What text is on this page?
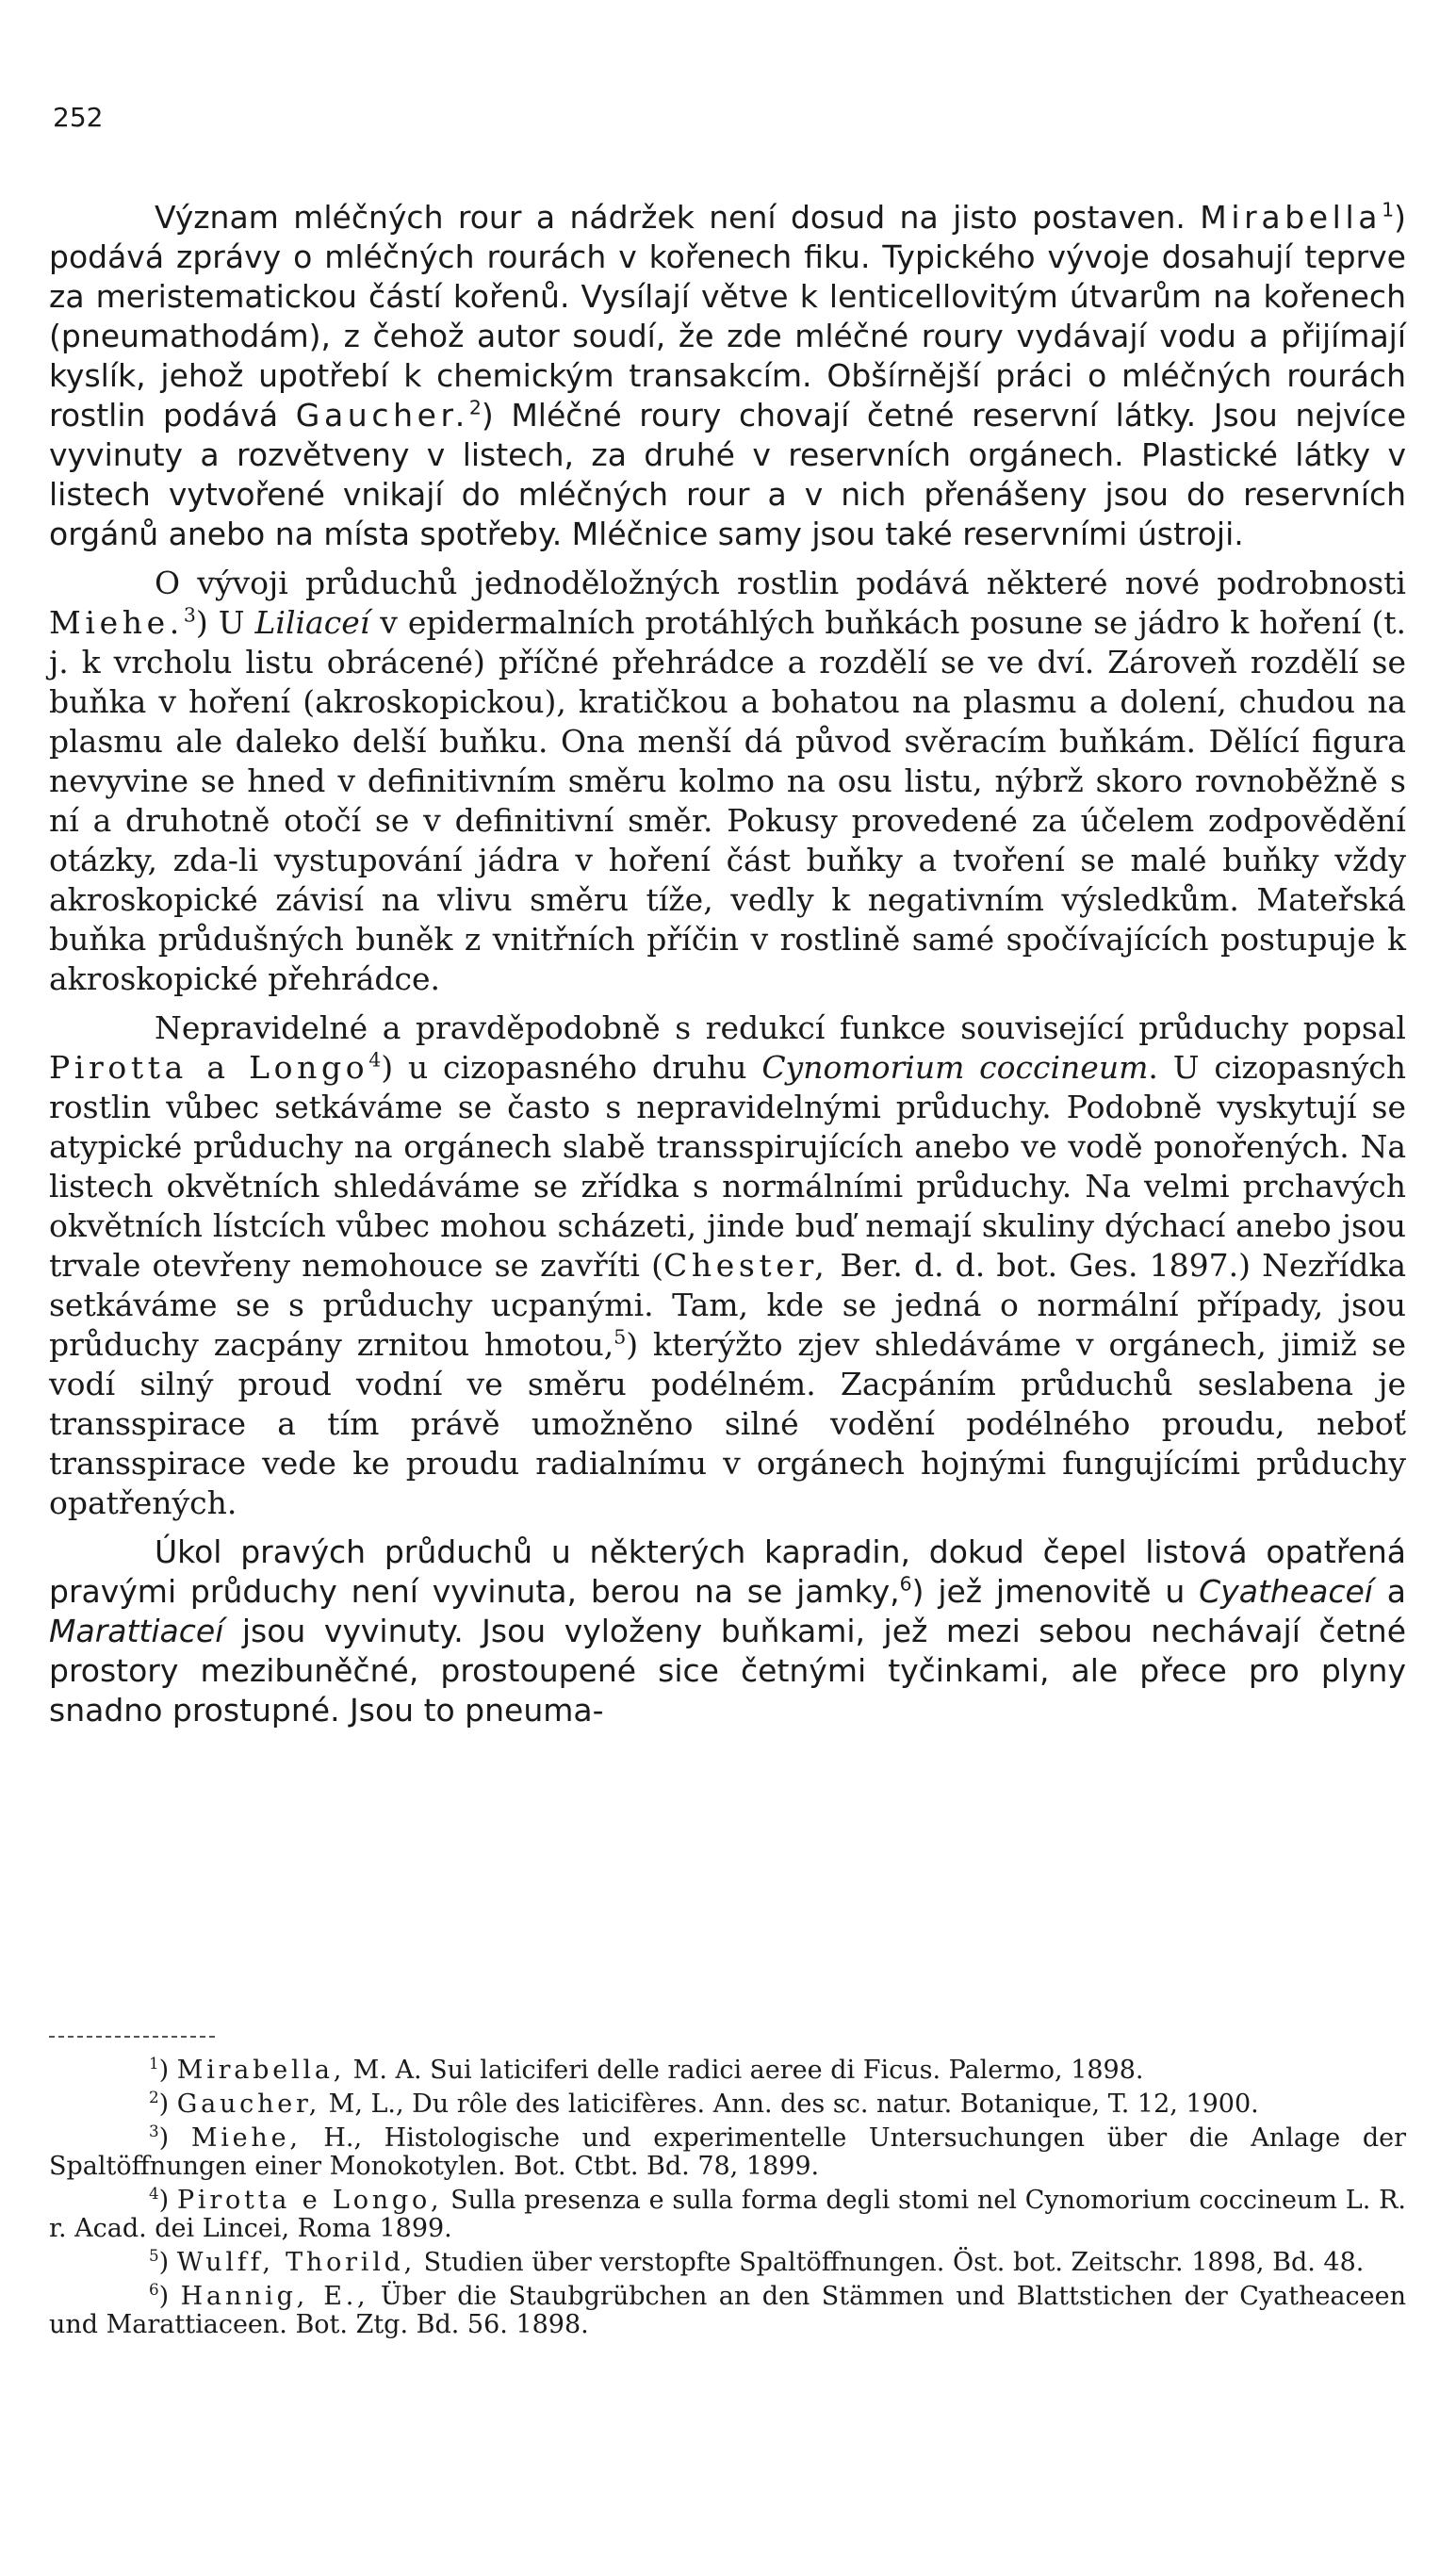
252

Význam mléčných rour a nádržek není dosud na jisto postaven. Mirabella$^1$) podává zprávy o mléčných rourách v kořenech fiku. Typického vývoje dosahují teprve za meristematickou částí kořenů. Vysílají větve k lenticellovitým útvarům na kořenech (pneumathodám), z čehož autor soudí, že zde mléčné roury vydávají vodu a přijímají kyslík, jehož upotřebí k chemickým transakcím. Obšírnější práci o mléčných rourách rostlin podává Gaucher.$^2$) Mléčné roury chovají četné reservní látky. Jsou nejvíce vyvinuty a rozvětveny v listech, za druhé v reservních orgánech. Plastické látky v listech vytvořené vnikají do mléčných rour a v nich přenášeny jsou do reservních orgánů anebo na místa spotřeby. Mléčnice samy jsou také reservními ústroji.

O vývoji průduchů jednoděložných rostlin podává některé nové podrobnosti Miehe.$^3$) U Liliaceí v epidermalních protáhlých buňkách posune se jádro k hoření (t. j. k vrcholu listu obrácené) příčné přehrádce a rozdělí se ve dví. Zároveň rozdělí se buňka v hoření (akroskopickou), kratičkou a bohatou na plasmu a dolení, chudou na plasmu ale daleko delší buňku. Ona menší dá původ svěracím buňkám. Dělící figura nevyvine se hned v definitivním směru kolmo na osu listu, nýbrž skoro rovnoběžně s ní a druhotně otočí se v definitivní směr. Pokusy provedené za účelem zodpovědění otázky, zda-li vystupování jádra v hoření část buňky a tvoření se malé buňky vždy akroskopické závisí na vlivu směru tíže, vedly k negativním výsledkům. Mateřská buňka průdušných buněk z vnitřních příčin v rostlině samé spočívajících postupuje k akroskopické přehrádce.

Nepravidelné a pravděpodobně s redukcí funkce související průduchy popsal Pirotta a Longo$^4$) u cizopasného druhu Cynomorium coccineum. U cizopasných rostlin vůbec setkáváme se často s nepravidelnými průduchy. Podobně vyskytují se atypické průduchy na orgánech slabě transspirujících anebo ve vodě ponořených. Na listech okvětních shledáváme se zřídka s normálními průduchy. Na velmi prchavých okvětních lístcích vůbec mohou scházeti, jinde buď nemají skuliny dýchací anebo jsou trvale otevřeny nemohouce se zavříti (Chester, Ber. d. d. bot. Ges. 1897.) Nezřídka setkáváme se s průduchy ucpanými. Tam, kde se jedná o normální případy, jsou průduchy zacpány zrnitou hmotou,$^5$) kterýžto zjev shledáváme v orgánech, jimiž se vodí silný proud vodní ve směru podélném. Zacpáním průduchů seslabena je transspirace a tím právě umožněno silné vodění podélného proudu, neboť transspirace vede ke proudu radialnímu v orgánech hojnými fungujícími průduchy opatřených.

Úkol pravých průduchů u některých kapradin, dokud čepel listová opatřená pravými průduchy není vyvinuta, berou na se jamky,$^6$) jež jmenovitě u Cyatheaceí a Marattiaceí jsou vyvinuty. Jsou vyloženy buňkami, jež mezi sebou nechávají četné prostory mezibuněčné, prostoupené sice četnými tyčinkami, ale přece pro plyny snadno prostupné. Jsou to pneuma-

$^1$) Mirabella, M. A. Sui laticiferi delle radici aeree di Ficus. Palermo, 1898.

$^2$) Gaucher, M, L., Du rôle des laticifères. Ann. des sc. natur. Botanique, T. 12, 1900.

$^3$) Miehe, H., Histologische und experimentelle Untersuchungen über die Anlage der Spaltöffnungen einer Monokotylen. Bot. Ctbt. Bd. 78, 1899.

$^4$) Pirotta e Longo, Sulla presenza e sulla forma degli stomi nel Cynomorium coccineum L. R. r. Acad. dei Lincei, Roma 1899.

$^5$) Wulff, Thorild, Studien über verstopfte Spaltöffnungen. Öst. bot. Zeitschr. 1898, Bd. 48.

$^6$) Hannig, E., Über die Staubgrübchen an den Stämmen und Blattstichen der Cyatheaceen und Marattiaceen. Bot. Ztg. Bd. 56. 1898.
